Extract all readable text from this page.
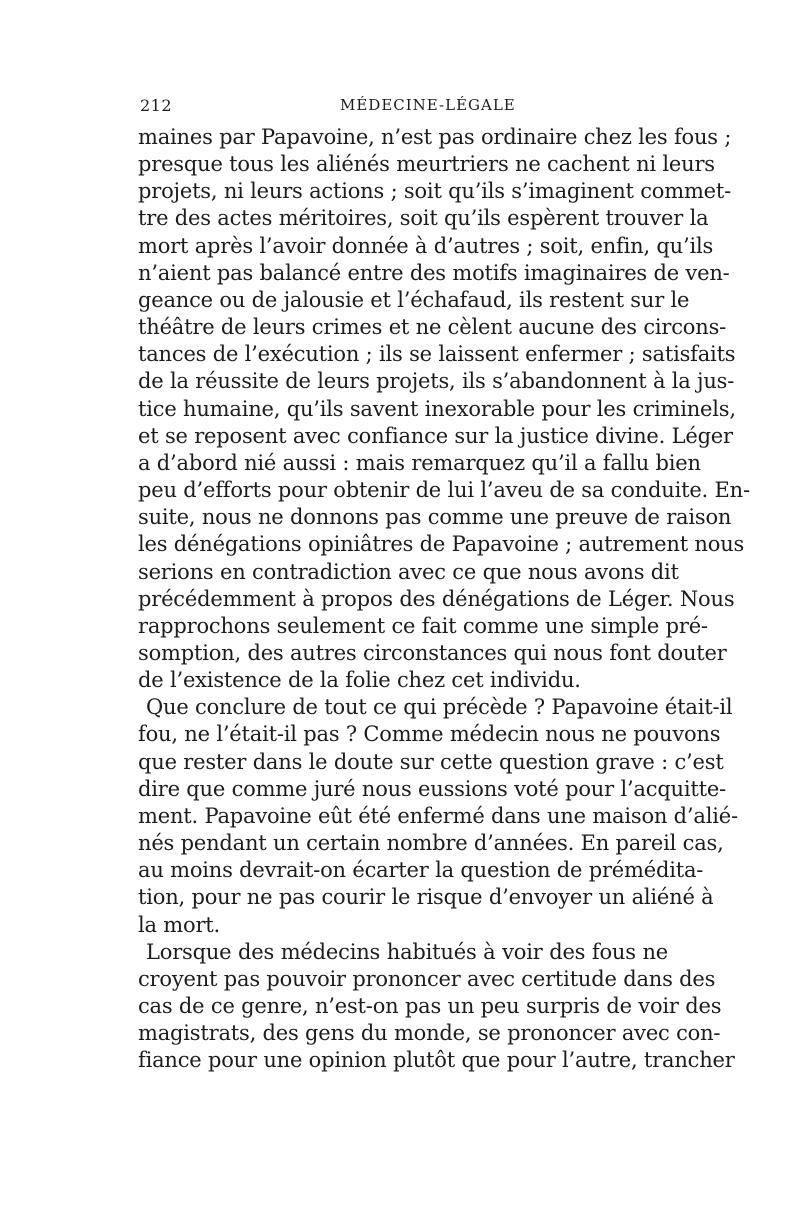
212	MÉDECINE-LÉGALE
maines par Papavoine, n’est pas ordinaire chez les fous ;
presque tous les aliénés meurtriers ne cachent ni leurs
projets, ni leurs actions ; soit qu’ils s’imaginent commet-
tre des actes méritoires, soit qu’ils espèrent trouver la
mort après l’avoir donnée à d’autres ; soit, enfin, qu’ils
n’aient pas balancé entre des motifs imaginaires de ven-
geance ou de jalousie et l’échafaud, ils restent sur le
théâtre de leurs crimes et ne cèlent aucune des circons-
tances de l’exécution ; ils se laissent enfermer ; satisfaits
de la réussite de leurs projets, ils s’abandonnent à la jus-
tice humaine, qu’ils savent inexorable pour les criminels,
et se reposent avec confiance sur la justice divine. Léger
a d’abord nié aussi : mais remarquez qu’il a fallu bien
peu d’efforts pour obtenir de lui l’aveu de sa conduite. En-
suite, nous ne donnons pas comme une preuve de raison
les dénégations opiniâtres de Papavoine ; autrement nous
serions en contradiction avec ce que nous avons dit
précédemment à propos des dénégations de Léger. Nous
rapprochons seulement ce fait comme une simple pré-
somption, des autres circonstances qui nous font douter
de l’existence de la folie chez cet individu.
Que conclure de tout ce qui précède ? Papavoine était-il
fou, ne l’était-il pas ? Comme médecin nous ne pouvons
que rester dans le doute sur cette question grave : c’est
dire que comme juré nous eussions voté pour l’acquitte-
ment. Papavoine eût été enfermé dans une maison d’alié-
nés pendant un certain nombre d’années. En pareil cas,
au moins devrait-on écarter la question de prémédita-
tion, pour ne pas courir le risque d’envoyer un aliéné à
la mort.
Lorsque des médecins habitués à voir des fous ne
croyent pas pouvoir prononcer avec certitude dans des
cas de ce genre, n’est-on pas un peu surpris de voir des
magistrats, des gens du monde, se prononcer avec con-
fiance pour une opinion plutôt que pour l’autre, trancher
